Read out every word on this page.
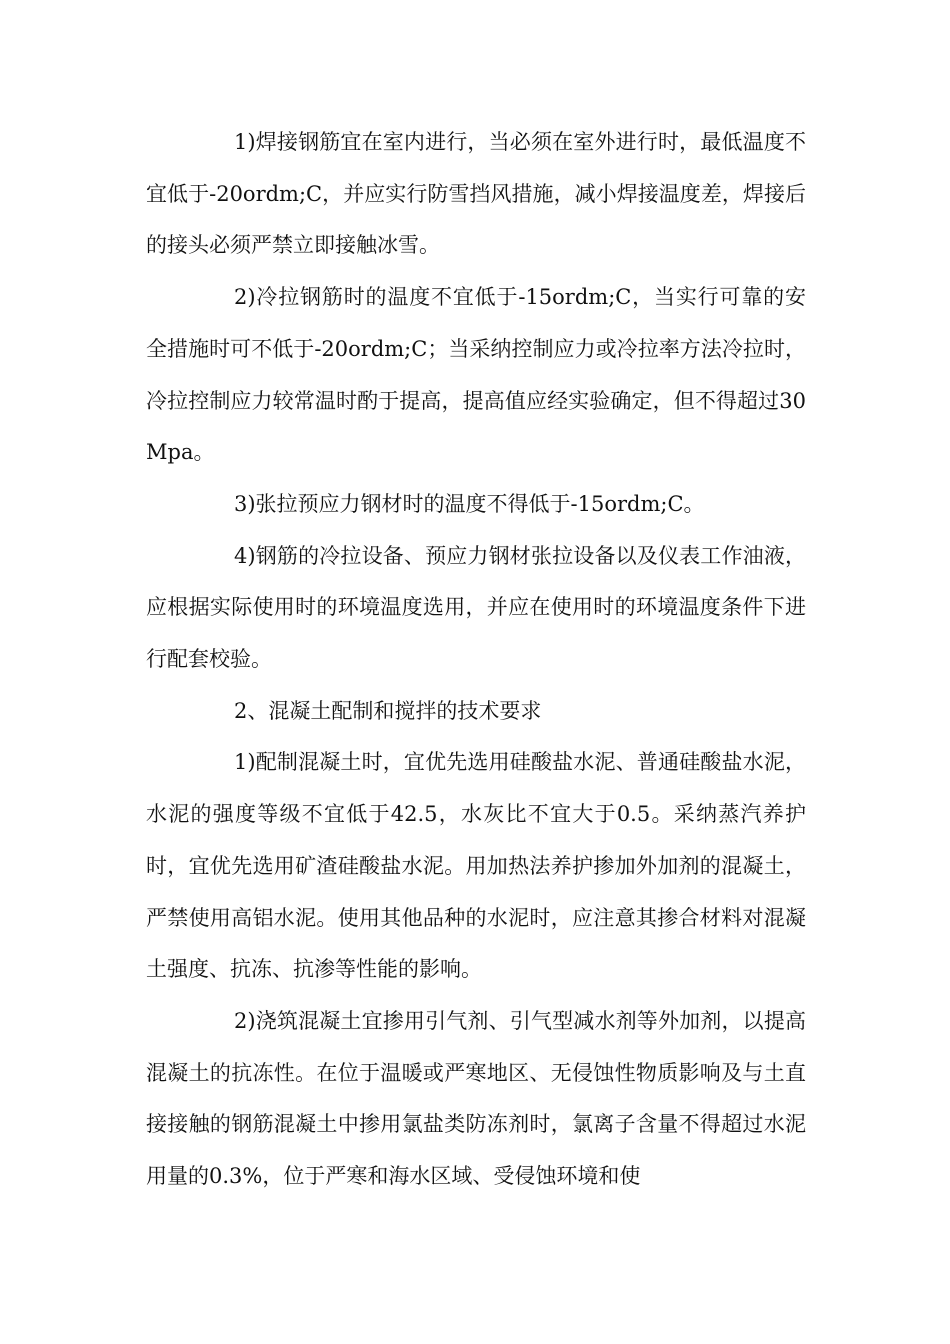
1)焊接钢筋宜在室内进行，当必须在室外进行时，最低温度不宜低于-20ordm;C，并应实行防雪挡风措施，减小焊接温度差，焊接后的接头必须严禁立即接触冰雪。

2)冷拉钢筋时的温度不宜低于-15ordm;C，当实行可靠的安全措施时可不低于-20ordm;C；当采纳控制应力或冷拉率方法冷拉时，冷拉控制应力较常温时酌于提高，提高值应经实验确定，但不得超过30Mpa。

3)张拉预应力钢材时的温度不得低于-15ordm;C。

4)钢筋的冷拉设备、预应力钢材张拉设备以及仪表工作油液，应根据实际使用时的环境温度选用，并应在使用时的环境温度条件下进行配套校验。

2、混凝土配制和搅拌的技术要求

1)配制混凝土时，宜优先选用硅酸盐水泥、普通硅酸盐水泥，水泥的强度等级不宜低于42.5，水灰比不宜大于0.5。采纳蒸汽养护时，宜优先选用矿渣硅酸盐水泥。用加热法养护掺加外加剂的混凝土，严禁使用高铝水泥。使用其他品种的水泥时，应注意其掺合材料对混凝土强度、抗冻、抗渗等性能的影响。

2)浇筑混凝土宜掺用引气剂、引气型减水剂等外加剂，以提高混凝土的抗冻性。在位于温暖或严寒地区、无侵蚀性物质影响及与土直接接触的钢筋混凝土中掺用氯盐类防冻剂时，氯离子含量不得超过水泥用量的0.3%，位于严寒和海水区域、受侵蚀环境和使
